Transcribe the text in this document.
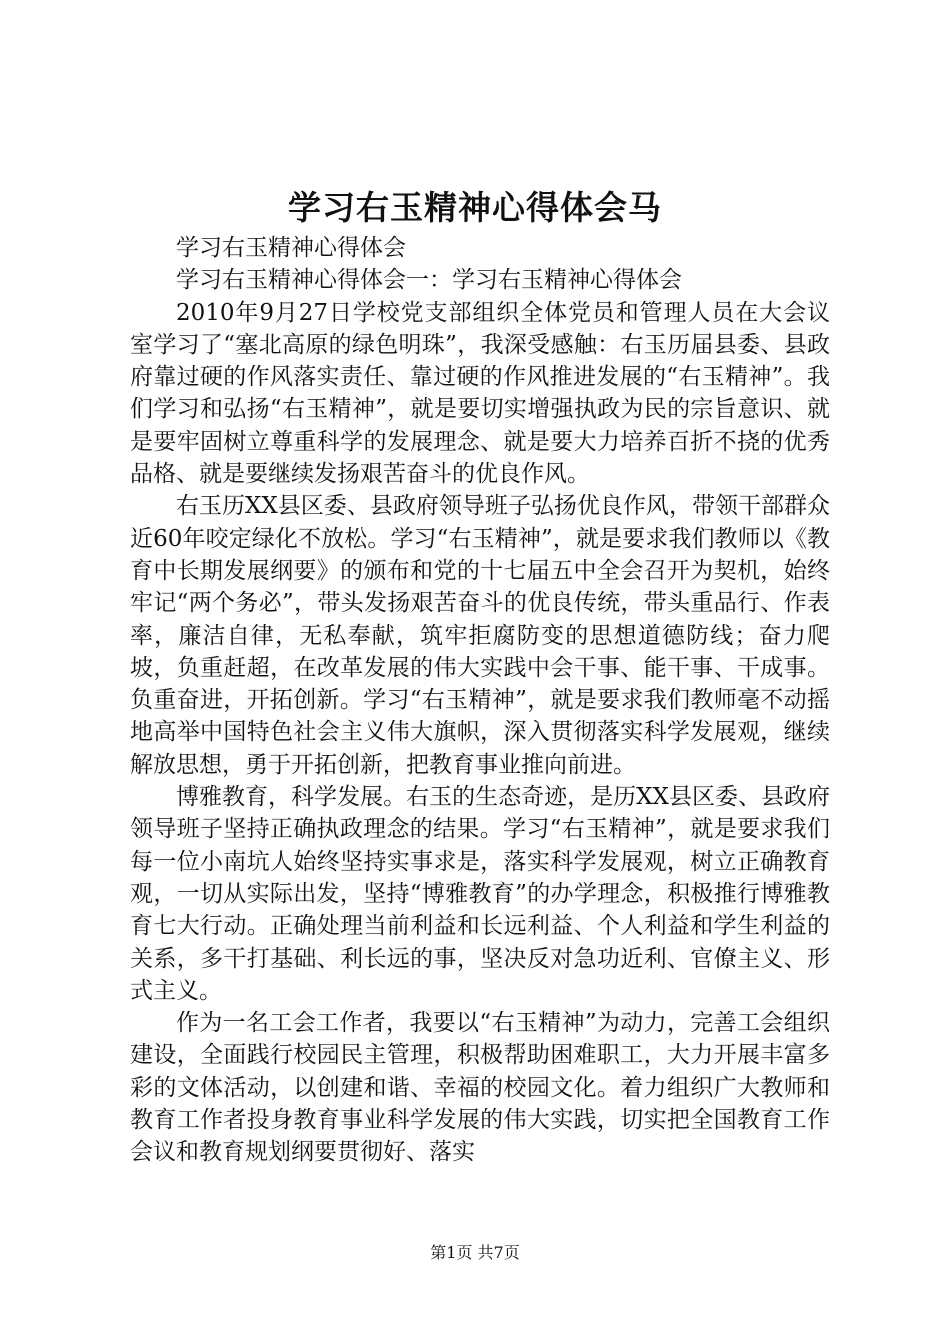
学习右玉精神心得体会马

学习右玉精神心得体会

学习右玉精神心得体会一：学习右玉精神心得体会

2010年9月27日学校党支部组织全体党员和管理人员在大会议室学习了“塞北高原的绿色明珠”，我深受感触：右玉历届县委、县政府靠过硬的作风落实责任、靠过硬的作风推进发展的“右玉精神”。我们学习和弘扬“右玉精神”，就是要切实增强执政为民的宗旨意识、就是要牢固树立尊重科学的发展理念、就是要大力培养百折不挠的优秀品格、就是要继续发扬艰苦奋斗的优良作风。

右玉历XX县区委、县政府领导班子弘扬优良作风，带领干部群众近60年咬定绿化不放松。学习“右玉精神”，就是要求我们教师以《教育中长期发展纲要》的颁布和党的十七届五中全会召开为契机，始终牢记“两个务必”，带头发扬艰苦奋斗的优良传统，带头重品行、作表率，廉洁自律，无私奉献，筑牢拒腐防变的思想道德防线；奋力爬坡，负重赶超，在改革发展的伟大实践中会干事、能干事、干成事。负重奋进，开拓创新。学习“右玉精神”，就是要求我们教师毫不动摇地高举中国特色社会主义伟大旗帜，深入贯彻落实科学发展观，继续解放思想，勇于开拓创新，把教育事业推向前进。

博雅教育，科学发展。右玉的生态奇迹，是历XX县区委、县政府领导班子坚持正确执政理念的结果。学习“右玉精神”，就是要求我们每一位小南坑人始终坚持实事求是，落实科学发展观，树立正确教育观，一切从实际出发，坚持“博雅教育”的办学理念，积极推行博雅教育七大行动。正确处理当前利益和长远利益、个人利益和学生利益的关系，多干打基础、利长远的事，坚决反对急功近利、官僚主义、形式主义。

作为一名工会工作者，我要以“右玉精神”为动力，完善工会组织建设，全面践行校园民主管理，积极帮助困难职工，大力开展丰富多彩的文体活动，以创建和谐、幸福的校园文化。着力组织广大教师和教育工作者投身教育事业科学发展的伟大实践，切实把全国教育工作会议和教育规划纲要贯彻好、落实

第1页 共7页
